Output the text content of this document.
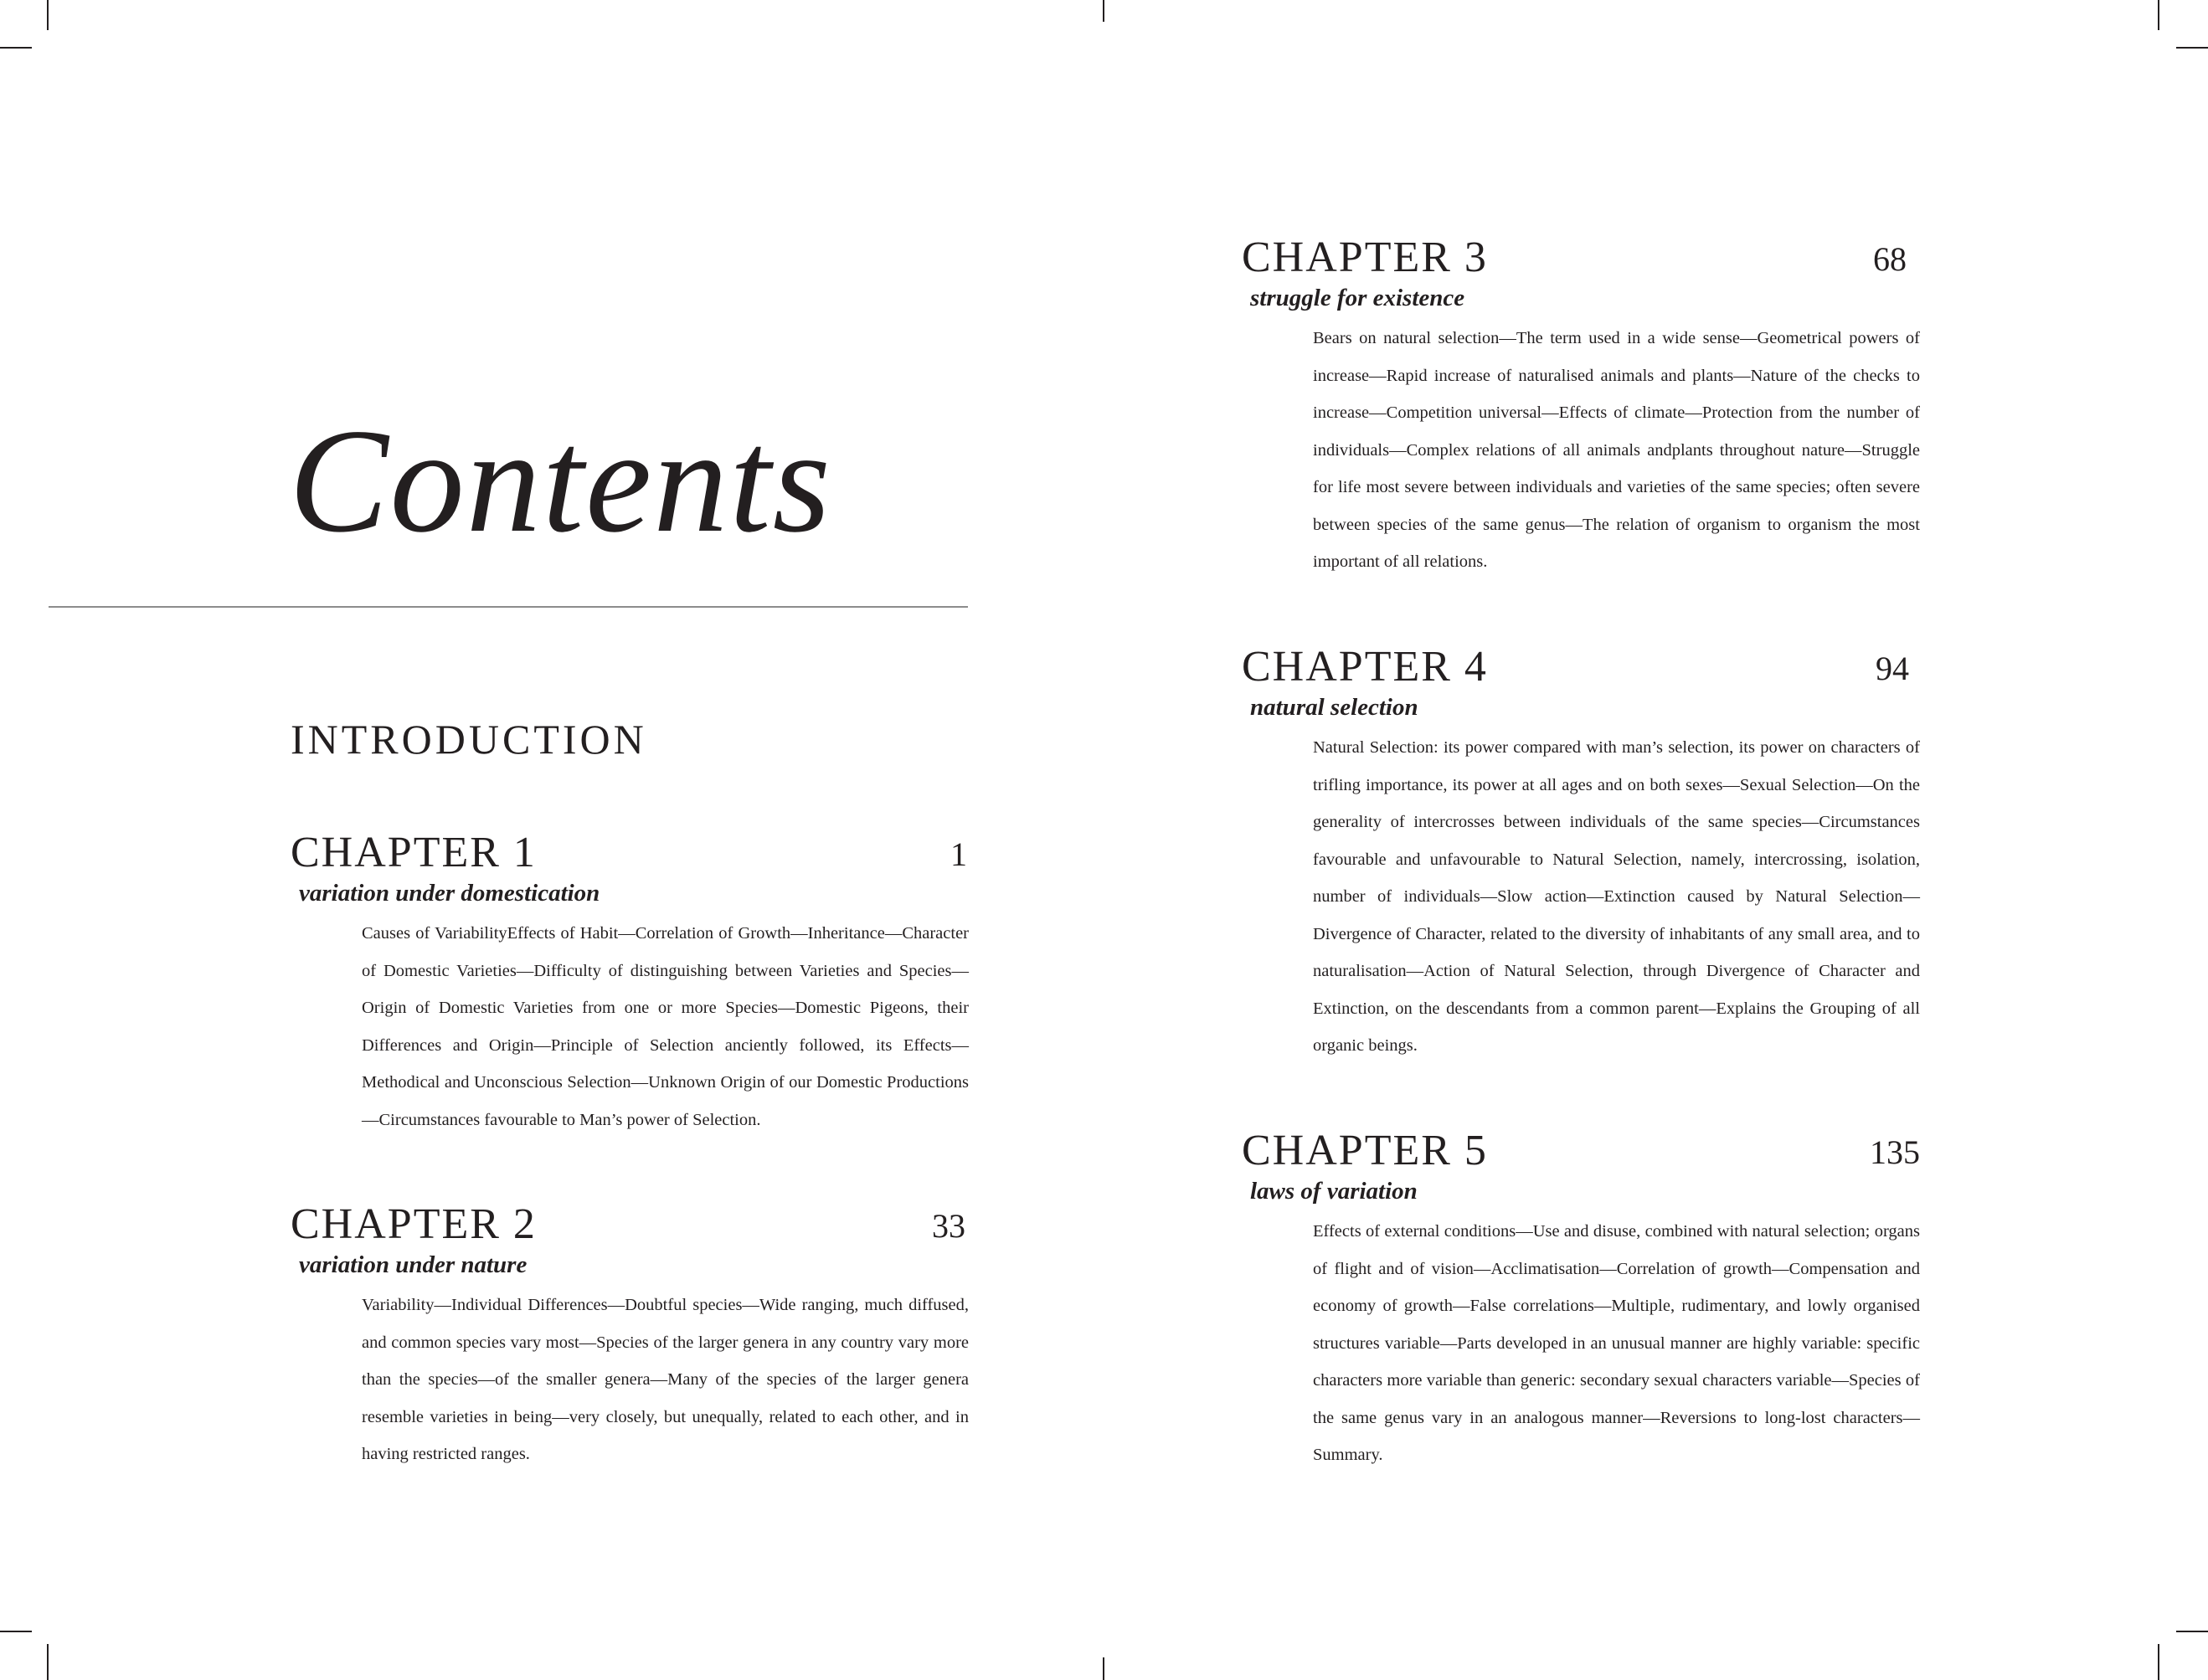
Contents
INTRODUCTION
CHAPTER 1	1

variation under domestication

Causes of VariabilityEffects of Habit—Correlation of Growth—Inheritance—Character of Domestic Varieties—Difficulty of distinguishing between Varieties and Species—Origin of Domestic Varieties from one or more Species—Domestic Pigeons, their Differences and Origin—Principle of Selection anciently followed, its Effects—Methodical and Unconscious Selection—Unknown Origin of our Domestic Productions—Circumstances favourable to Man’s power of Selection.

CHAPTER 2	33

variation under nature

Variability—Individual Differences—Doubtful species—Wide ranging, much diffused, and common species vary most—Species of the larger genera in any country vary more than the species—of the smaller genera—Many of the species of the larger genera resemble varieties in being—very closely, but unequally, related to each other, and in having restricted ranges.

CHAPTER 3	68

struggle for existence

Bears on natural selection—The term used in a wide sense—Geometrical powers of increase—Rapid increase of naturalised animals and plants—Nature of the checks to increase—Competition universal—Effects of climate—Protection from the number of individuals—Complex relations of all animals andplants throughout nature—Struggle for life most severe between individuals and varieties of the same species; often severe between species of the same genus—The relation of organism to organism the most important of all relations.

CHAPTER 4	94

natural selection

Natural Selection: its power compared with man’s selection, its power on characters of trifling importance, its power at all ages and on both sexes—Sexual Selection—On the generality of intercrosses between individuals of the same species—Circumstances favourable and unfavourable to Natural Selection, namely, intercrossing, isolation, number of individuals—Slow action—Extinction caused by Natural Selection—Divergence of Character, related to the diversity of inhabitants of any small area, and to naturalisation—Action of Natural Selection, through Divergence of Character and Extinction, on the descendants from a common parent—Explains the Grouping of all organic beings.

CHAPTER 5	135

laws of variation

Effects of external conditions—Use and disuse, combined with natural selection; organs of flight and of vision—Acclimatisation—Correlation of growth—Compensation and economy of growth—False correlations—Multiple, rudimentary, and lowly organised structures variable—Parts developed in an unusual manner are highly variable: specific characters more variable than generic: secondary sexual characters variable—Species of the same genus vary in an analogous manner—Reversions to long-lost characters—Summary.
